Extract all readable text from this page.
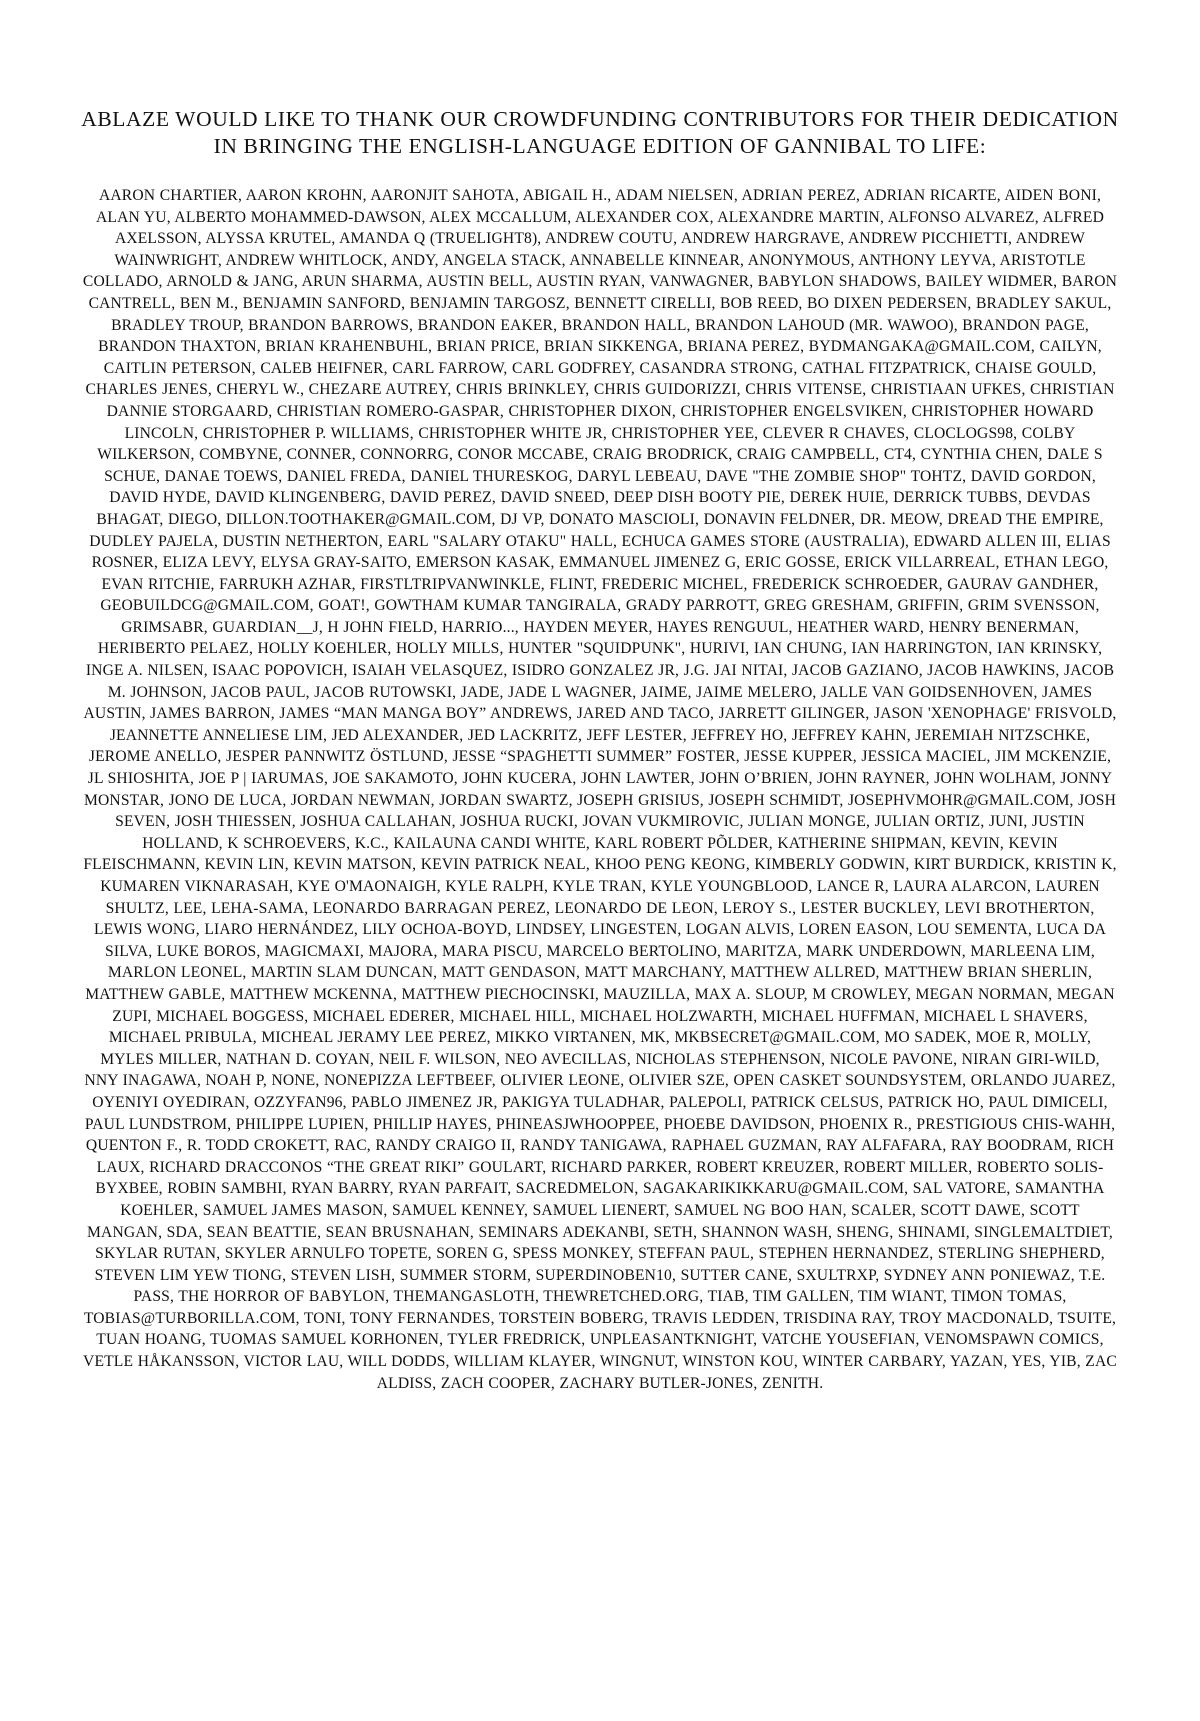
ABLAZE WOULD LIKE TO THANK OUR CROWDFUNDING CONTRIBUTORS FOR THEIR DEDICATION IN BRINGING THE ENGLISH-LANGUAGE EDITION OF GANNIBAL TO LIFE:

AARON CHARTIER, AARON KROHN, AARONJIT SAHOTA, ABIGAIL H., ADAM NIELSEN, ADRIAN PEREZ, ADRIAN RICARTE, AIDEN BONI, ALAN YU, ALBERTO MOHAMMED-DAWSON, ALEX MCCALLUM, ALEXANDER COX, ALEXANDRE MARTIN, ALFONSO ALVAREZ, ALFRED AXELSSON, ALYSSA KRUTEL, AMANDA Q (TRUELIGHT8), ANDREW COUTU, ANDREW HARGRAVE, ANDREW PICCHIETTI, ANDREW WAINWRIGHT, ANDREW WHITLOCK, ANDY, ANGELA STACK, ANNABELLE KINNEAR, ANONYMOUS, ANTHONY LEYVA, ARISTOTLE COLLADO, ARNOLD & JANG, ARUN SHARMA, AUSTIN BELL, AUSTIN RYAN, VANWAGNER, BABYLON SHADOWS, BAILEY WIDMER, BARON CANTRELL, BEN M., BENJAMIN SANFORD, BENJAMIN TARGOSZ, BENNETT CIRELLI, BOB REED, BO DIXEN PEDERSEN, BRADLEY SAKUL, BRADLEY TROUP, BRANDON BARROWS, BRANDON EAKER, BRANDON HALL, BRANDON LAHOUD (MR. WAWOO), BRANDON PAGE, BRANDON THAXTON, BRIAN KRAHENBUHL, BRIAN PRICE, BRIAN SIKKENGA, BRIANA PEREZ, BYDMANGAKA@GMAIL.COM, CAILYN, CAITLIN PETERSON, CALEB HEIFNER, CARL FARROW, CARL GODFREY, CASANDRA STRONG, CATHAL FITZPATRICK, CHAISE GOULD, CHARLES JENES, CHERYL W., CHEZARE AUTREY, CHRIS BRINKLEY, CHRIS GUIDORIZZI, CHRIS VITENSE, CHRISTIAAN UFKES, CHRISTIAN DANNIE STORGAARD, CHRISTIAN ROMERO-GASPAR, CHRISTOPHER DIXON, CHRISTOPHER ENGELSVIKEN, CHRISTOPHER HOWARD LINCOLN, CHRISTOPHER P. WILLIAMS, CHRISTOPHER WHITE JR, CHRISTOPHER YEE, CLEVER R CHAVES, CLOCLOGS98, COLBY WILKERSON, COMBYNE, CONNER, CONNORRG, CONOR MCCABE, CRAIG BRODRICK, CRAIG CAMPBELL, CT4, CYNTHIA CHEN, DALE S SCHUE, DANAE TOEWS, DANIEL FREDA, DANIEL THURESKOG, DARYL LEBEAU, DAVE "THE ZOMBIE SHOP" TOHTZ, DAVID GORDON, DAVID HYDE, DAVID KLINGENBERG, DAVID PEREZ, DAVID SNEED, DEEP DISH BOOTY PIE, DEREK HUIE, DERRICK TUBBS, DEVDAS BHAGAT, DIEGO, DILLON.TOOTHAKER@GMAIL.COM, DJ VP, DONATO MASCIOLI, DONAVIN FELDNER, DR. MEOW, DREAD THE EMPIRE, DUDLEY PAJELA, DUSTIN NETHERTON, EARL "SALARY OTAKU" HALL, ECHUCA GAMES STORE (AUSTRALIA), EDWARD ALLEN III, ELIAS ROSNER, ELIZA LEVY, ELYSA GRAY-SAITO, EMERSON KASAK, EMMANUEL JIMENEZ G, ERIC GOSSE, ERICK VILLARREAL, ETHAN LEGO, EVAN RITCHIE, FARRUKH AZHAR, FIRSTLTRIPVANWINKLE, FLINT, FREDERIC MICHEL, FREDERICK SCHROEDER, GAURAV GANDHER, GEOBUILDCG@GMAIL.COM, GOAT!, GOWTHAM KUMAR TANGIRALA, GRADY PARROTT, GREG GRESHAM, GRIFFIN, GRIM SVENSSON, GRIMSABR, GUARDIAN__J, H JOHN FIELD, HARRIO..., HAYDEN MEYER, HAYES RENGUUL, HEATHER WARD, HENRY BENERMAN, HERIBERTO PELAEZ, HOLLY KOEHLER, HOLLY MILLS, HUNTER "SQUIDPUNK", HURIVI, IAN CHUNG, IAN HARRINGTON, IAN KRINSKY, INGE A. NILSEN, ISAAC POPOVICH, ISAIAH VELASQUEZ, ISIDRO GONZALEZ JR, J.G. JAI NITAI, JACOB GAZIANO, JACOB HAWKINS, JACOB M. JOHNSON, JACOB PAUL, JACOB RUTOWSKI, JADE, JADE L WAGNER, JAIME, JAIME MELERO, JALLE VAN GOIDSENHOVEN, JAMES AUSTIN, JAMES BARRON, JAMES “MAN MANGA BOY” ANDREWS, JARED AND TACO, JARRETT GILINGER, JASON 'XENOPHAGE' FRISVOLD, JEANNETTE ANNELIESE LIM, JED ALEXANDER, JED LACKRITZ, JEFF LESTER, JEFFREY HO, JEFFREY KAHN, JEREMIAH NITZSCHKE, JEROME ANELLO, JESPER PANNWITZ ÖSTLUND, JESSE “SPAGHETTI SUMMER” FOSTER, JESSE KUPPER, JESSICA MACIEL, JIM MCKENZIE, JL SHIOSHITA, JOE P | IARUMAS, JOE SAKAMOTO, JOHN KUCERA, JOHN LAWTER, JOHN O’BRIEN, JOHN RAYNER, JOHN WOLHAM, JONNY MONSTAR, JONO DE LUCA, JORDAN NEWMAN, JORDAN SWARTZ, JOSEPH GRISIUS, JOSEPH SCHMIDT, JOSEPHVMOHR@GMAIL.COM, JOSH SEVEN, JOSH THIESSEN, JOSHUA CALLAHAN, JOSHUA RUCKI, JOVAN VUKMIROVIC, JULIAN MONGE, JULIAN ORTIZ, JUNI, JUSTIN HOLLAND, K SCHROEVERS, K.C., KAILAUNA CANDI WHITE, KARL ROBERT PÕLDER, KATHERINE SHIPMAN, KEVIN, KEVIN FLEISCHMANN, KEVIN LIN, KEVIN MATSON, KEVIN PATRICK NEAL, KHOO PENG KEONG, KIMBERLY GODWIN, KIRT BURDICK, KRISTIN K, KUMAREN VIKNARASAH, KYE O'MAONAIGH, KYLE RALPH, KYLE TRAN, KYLE YOUNGBLOOD, LANCE R, LAURA ALARCON, LAUREN SHULTZ, LEE, LEHA-SAMA, LEONARDO BARRAGAN PEREZ, LEONARDO DE LEON, LEROY S., LESTER BUCKLEY, LEVI BROTHERTON, LEWIS WONG, LIARO HERNÁNDEZ, LILY OCHOA-BOYD, LINDSEY, LINGESTEN, LOGAN ALVIS, LOREN EASON, LOU SEMENTA, LUCA DA SILVA, LUKE BOROS, MAGICMAXI, MAJORA, MARA PISCU, MARCELO BERTOLINO, MARITZA, MARK UNDERDOWN, MARLEENA LIM, MARLON LEONEL, MARTIN SLAM DUNCAN, MATT GENDASON, MATT MARCHANY, MATTHEW ALLRED, MATTHEW BRIAN SHERLIN, MATTHEW GABLE, MATTHEW MCKENNA, MATTHEW PIECHOCINSKI, MAUZILLA, MAX A. SLOUP, M CROWLEY, MEGAN NORMAN, MEGAN ZUPI, MICHAEL BOGGESS, MICHAEL EDERER, MICHAEL HILL, MICHAEL HOLZWARTH, MICHAEL HUFFMAN, MICHAEL L SHAVERS, MICHAEL PRIBULA, MICHEAL JERAMY LEE PEREZ, MIKKO VIRTANEN, MK, MKBSECRET@GMAIL.COM, MO SADEK, MOE R, MOLLY, MYLES MILLER, NATHAN D. COYAN, NEIL F. WILSON, NEO AVECILLAS, NICHOLAS STEPHENSON, NICOLE PAVONE, NIRAN GIRI-WILD, NNY INAGAWA, NOAH P, NONE, NONEPIZZA LEFTBEEF, OLIVIER LEONE, OLIVIER SZE, OPEN CASKET SOUNDSYSTEM, ORLANDO JUAREZ, OYENIYI OYEDIRAN, OZZYFAN96, PABLO JIMENEZ JR, PAKIGYA TULADHAR, PALEPOLI, PATRICK CELSUS, PATRICK HO, PAUL DIMICELI, PAUL LUNDSTROM, PHILIPPE LUPIEN, PHILLIP HAYES, PHINEASJWHOOPPEE, PHOEBE DAVIDSON, PHOENIX R., PRESTIGIOUS CHIS-WAHH, QUENTON F., R. TODD CROKETT, RAC, RANDY CRAIGO II, RANDY TANIGAWA, RAPHAEL GUZMAN, RAY ALFAFARA, RAY BOODRAM, RICH LAUX, RICHARD DRACCONOS “THE GREAT RIKI” GOULART, RICHARD PARKER, ROBERT KREUZER, ROBERT MILLER, ROBERTO SOLIS-BYXBEE, ROBIN SAMBHI, RYAN BARRY, RYAN PARFAIT, SACREDMELON, SAGAKARIKIKKARU@GMAIL.COM, SAL VATORE, SAMANTHA KOEHLER, SAMUEL JAMES MASON, SAMUEL KENNEY, SAMUEL LIENERT, SAMUEL NG BOO HAN, SCALER, SCOTT DAWE, SCOTT MANGAN, SDA, SEAN BEATTIE, SEAN BRUSNAHAN, SEMINARS ADEKANBI, SETH, SHANNON WASH, SHENG, SHINAMI, SINGLEMALTDIET, SKYLAR RUTAN, SKYLER ARNULFO TOPETE, SOREN G, SPESS MONKEY, STEFFAN PAUL, STEPHEN HERNANDEZ, STERLING SHEPHERD, STEVEN LIM YEW TIONG, STEVEN LISH, SUMMER STORM, SUPERDINOBEN10, SUTTER CANE, SXULTRXP, SYDNEY ANN PONIEWAZ, T.E. PASS, THE HORROR OF BABYLON, THEMANGASLOTH, THEWRETCHED.ORG, TIAB, TIM GALLEN, TIM WIANT, TIMON TOMAS, TOBIAS@TURBORILLA.COM, TONI, TONY FERNANDES, TORSTEIN BOBERG, TRAVIS LEDDEN, TRISDINA RAY, TROY MACDONALD, TSUITE, TUAN HOANG, TUOMAS SAMUEL KORHONEN, TYLER FREDRICK, UNPLEASANTKNIGHT, VATCHE YOUSEFIAN, VENOMSPAWN COMICS, VETLE HÅKANSSON, VICTOR LAU, WILL DODDS, WILLIAM KLAYER, WINGNUT, WINSTON KOU, WINTER CARBARY, YAZAN, YES, YIB, ZAC ALDISS, ZACH COOPER, ZACHARY BUTLER-JONES, ZENITH.
